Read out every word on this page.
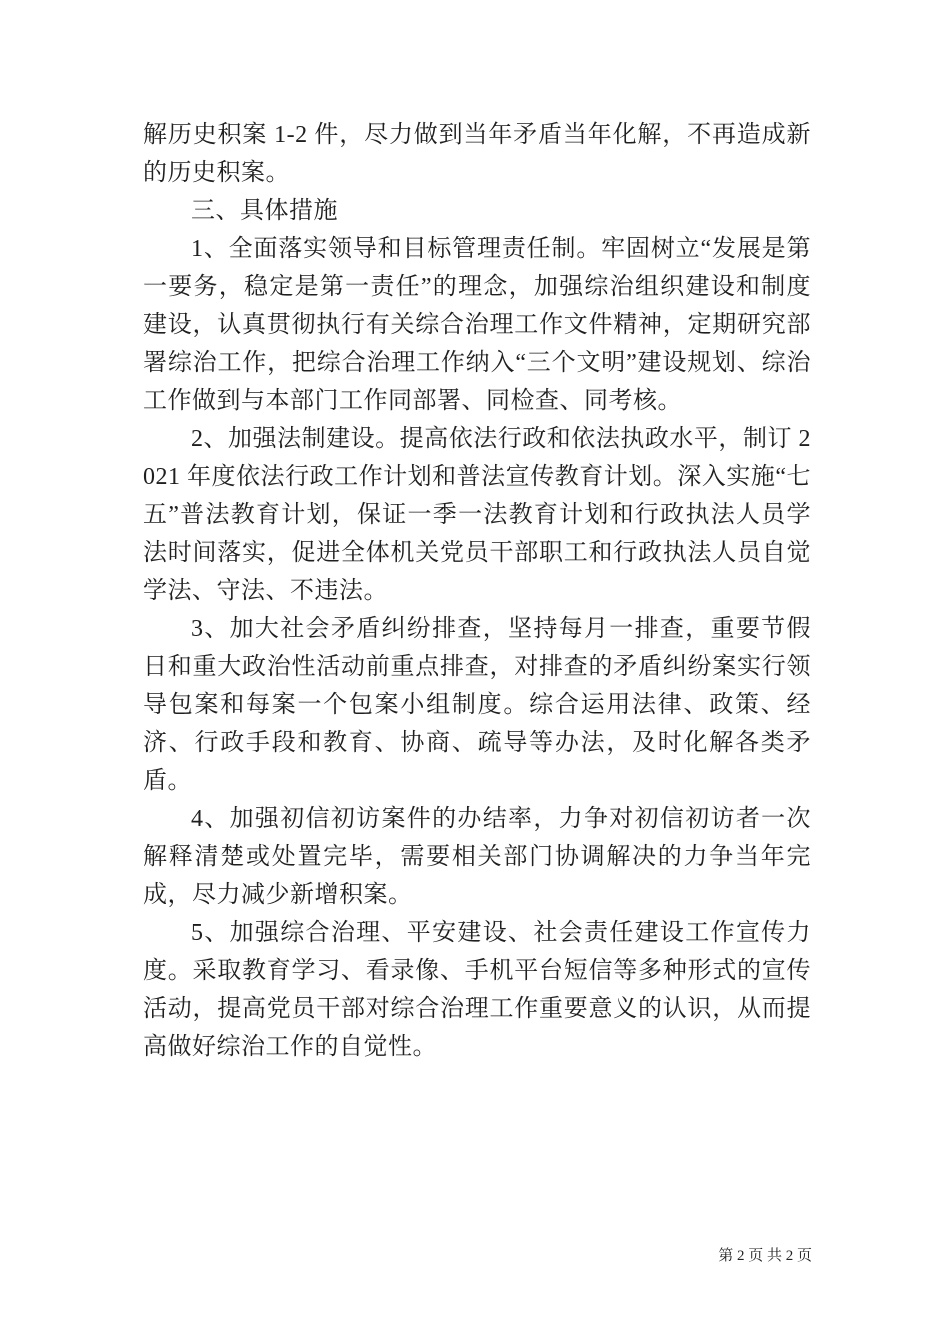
解历史积案 1-2 件，尽力做到当年矛盾当年化解，不再造成新的历史积案。

三、具体措施

1、全面落实领导和目标管理责任制。牢固树立“发展是第一要务，稳定是第一责任”的理念，加强综治组织建设和制度建设，认真贯彻执行有关综合治理工作文件精神，定期研究部署综治工作，把综合治理工作纳入“三个文明”建设规划、综治工作做到与本部门工作同部署、同检查、同考核。

2、加强法制建设。提高依法行政和依法执政水平，制订 2021 年度依法行政工作计划和普法宣传教育计划。深入实施“七五”普法教育计划，保证一季一法教育计划和行政执法人员学法时间落实，促进全体机关党员干部职工和行政执法人员自觉学法、守法、不违法。

3、加大社会矛盾纠纷排查，坚持每月一排查，重要节假日和重大政治性活动前重点排查，对排查的矛盾纠纷案实行领导包案和每案一个包案小组制度。综合运用法律、政策、经济、行政手段和教育、协商、疏导等办法，及时化解各类矛盾。

4、加强初信初访案件的办结率，力争对初信初访者一次解释清楚或处置完毕，需要相关部门协调解决的力争当年完成，尽力减少新增积案。

5、加强综合治理、平安建设、社会责任建设工作宣传力度。采取教育学习、看录像、手机平台短信等多种形式的宣传活动，提高党员干部对综合治理工作重要意义的认识，从而提高做好综治工作的自觉性。

第 2 页 共 2 页
